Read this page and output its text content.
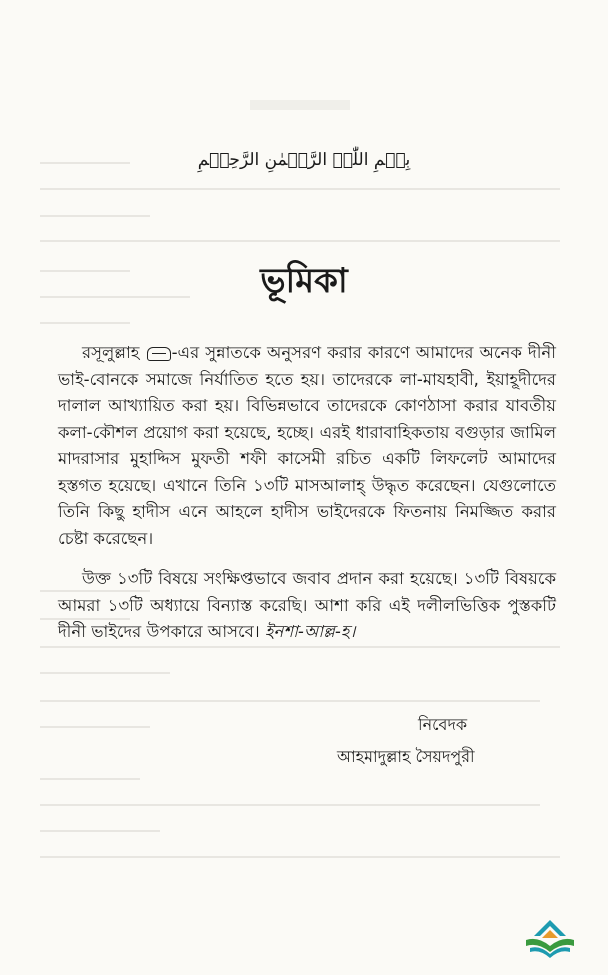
بِسۡمِ اللّٰہِ الرَّحۡمٰنِ الرَّحِیۡمِ
ভূমিকা

রসূলুল্লাহ -এর সুন্নাতকে অনুসরণ করার কারণে আমাদের অনেক দীনী ভাই-বোনকে সমাজে নির্যাতিত হতে হয়। তাদেরকে লা-মাযহাবী, ইয়াহূদীদের দালাল আখ্যায়িত করা হয়। বিভিন্নভাবে তাদেরকে কোণঠাসা করার যাবতীয় কলা-কৌশল প্রয়োগ করা হয়েছে, হচ্ছে। এরই ধারাবাহিকতায় বগুড়ার জামিল মাদরাসার মুহাদ্দিস মুফতী শফী কাসেমী রচিত একটি লিফলেট আমাদের হস্তগত হয়েছে। এখানে তিনি ১৩টি মাসআলাহ্ উদ্ধৃত করেছেন। যেগুলোতে তিনি কিছু হাদীস এনে আহলে হাদীস ভাইদেরকে ফিতনায় নিমজ্জিত করার চেষ্টা করেছেন।

উক্ত ১৩টি বিষয়ে সংক্ষিপ্তভাবে জবাব প্রদান করা হয়েছে। ১৩টি বিষয়কে আমরা ১৩টি অধ্যায়ে বিন্যাস্ত করেছি। আশা করি এই দলীলভিত্তিক পুস্তকটি দীনী ভাইদের উপকারে আসবে। ইনশা-আল্ল-হ।

নিবেদক
আহমাদুল্লাহ সৈয়দপুরী
